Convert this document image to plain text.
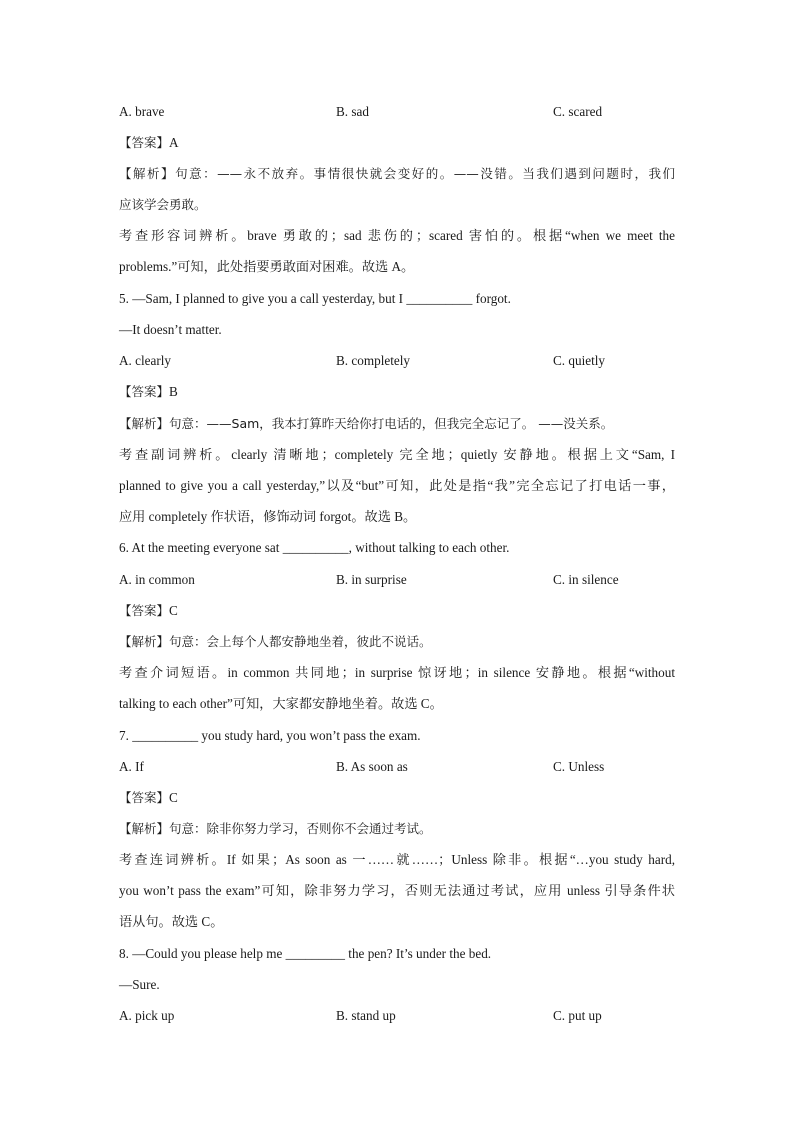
A. brave	B. sad	C. scared
【答案】A
【解析】句意：——永不放弃。事情很快就会变好的。——没错。当我们遇到问题时，我们
应该学会勇敢。
考查形容词辨析。brave 勇敢的；sad 悲伤的；scared 害怕的。根据“when we meet the
problems.”可知，此处指要勇敢面对困难。故选 A。
5. —Sam, I planned to give you a call yesterday, but I __________ forgot.
—It doesn’t matter.
A. clearly	B. completely	C. quietly
【答案】B
【解析】句意：——Sam，我本打算昨天给你打电话的，但我完全忘记了。 ——没关系。
考查副词辨析。clearly 清晰地；completely 完全地；quietly 安静地。根据上文“Sam, I
planned to give you a call yesterday,”以及“but”可知，此处是指“我”完全忘记了打电话一事，
应用 completely 作状语，修饰动词 forgot。故选 B。
6. At the meeting everyone sat __________, without talking to each other.
A. in common	B. in surprise	C. in silence
【答案】C
【解析】句意：会上每个人都安静地坐着，彼此不说话。
考查介词短语。in common 共同地；in surprise 惊讶地；in silence 安静地。根据“without
talking to each other”可知，大家都安静地坐着。故选 C。
7. __________ you study hard, you won’t pass the exam.
A. If	B. As soon as	C. Unless
【答案】C
【解析】句意：除非你努力学习，否则你不会通过考试。
考查连词辨析。If 如果；As soon as 一……就……；Unless 除非。根据“…you study hard,
you won’t pass the exam”可知，除非努力学习，否则无法通过考试，应用 unless 引导条件状
语从句。故选 C。
8. —Could you please help me _________ the pen? It’s under the bed.
—Sure.
A. pick up	B. stand up	C. put up
